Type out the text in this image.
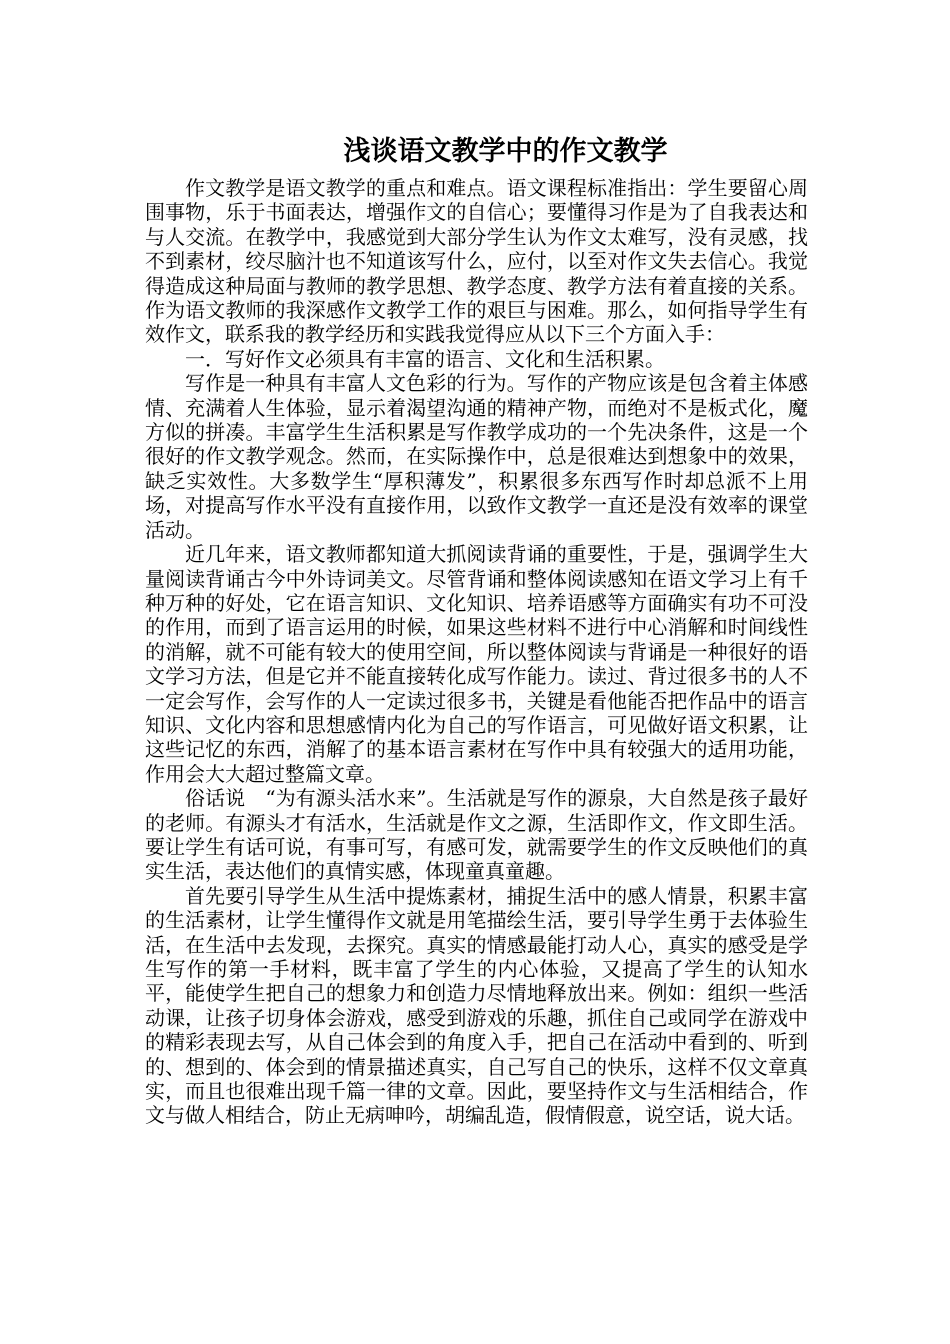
浅谈语文教学中的作文教学

作文教学是语文教学的重点和难点。语文课程标准指出：学生要留心周围事物，乐于书面表达，增强作文的自信心；要懂得习作是为了自我表达和与人交流。在教学中，我感觉到大部分学生认为作文太难写，没有灵感，找不到素材，绞尽脑汁也不知道该写什么，应付，以至对作文失去信心。我觉得造成这种局面与教师的教学思想、教学态度、教学方法有着直接的关系。作为语文教师的我深感作文教学工作的艰巨与困难。那么，如何指导学生有效作文，联系我的教学经历和实践我觉得应从以下三个方面入手：

一．写好作文必须具有丰富的语言、文化和生活积累。

写作是一种具有丰富人文色彩的行为。写作的产物应该是包含着主体感情、充满着人生体验，显示着渴望沟通的精神产物，而绝对不是板式化，魔方似的拼凑。丰富学生生活积累是写作教学成功的一个先决条件，这是一个很好的作文教学观念。然而，在实际操作中，总是很难达到想象中的效果，缺乏实效性。大多数学生“厚积薄发”，积累很多东西写作时却总派不上用场，对提高写作水平没有直接作用，以致作文教学一直还是没有效率的课堂活动。

近几年来，语文教师都知道大抓阅读背诵的重要性，于是，强调学生大量阅读背诵古今中外诗词美文。尽管背诵和整体阅读感知在语文学习上有千种万种的好处，它在语言知识、文化知识、培养语感等方面确实有功不可没的作用，而到了语言运用的时候，如果这些材料不进行中心消解和时间线性的消解，就不可能有较大的使用空间，所以整体阅读与背诵是一种很好的语文学习方法，但是它并不能直接转化成写作能力。读过、背过很多书的人不一定会写作，会写作的人一定读过很多书，关键是看他能否把作品中的语言知识、文化内容和思想感情内化为自己的写作语言，可见做好语文积累，让这些记忆的东西，消解了的基本语言素材在写作中具有较强大的适用功能，作用会大大超过整篇文章。

俗话说　“为有源头活水来”。生活就是写作的源泉，大自然是孩子最好的老师。有源头才有活水，生活就是作文之源，生活即作文，作文即生活。要让学生有话可说，有事可写，有感可发，就需要学生的作文反映他们的真实生活，表达他们的真情实感，体现童真童趣。

首先要引导学生从生活中提炼素材，捕捉生活中的感人情景，积累丰富的生活素材，让学生懂得作文就是用笔描绘生活，要引导学生勇于去体验生活，在生活中去发现，去探究。真实的情感最能打动人心，真实的感受是学生写作的第一手材料，既丰富了学生的内心体验，又提高了学生的认知水平，能使学生把自己的想象力和创造力尽情地释放出来。例如：组织一些活动课，让孩子切身体会游戏，感受到游戏的乐趣，抓住自己或同学在游戏中的精彩表现去写，从自己体会到的角度入手，把自己在活动中看到的、听到的、想到的、体会到的情景描述真实，自己写自己的快乐，这样不仅文章真实，而且也很难出现千篇一律的文章。因此，要坚持作文与生活相结合，作文与做人相结合，防止无病呻吟，胡编乱造，假情假意，说空话，说大话。
